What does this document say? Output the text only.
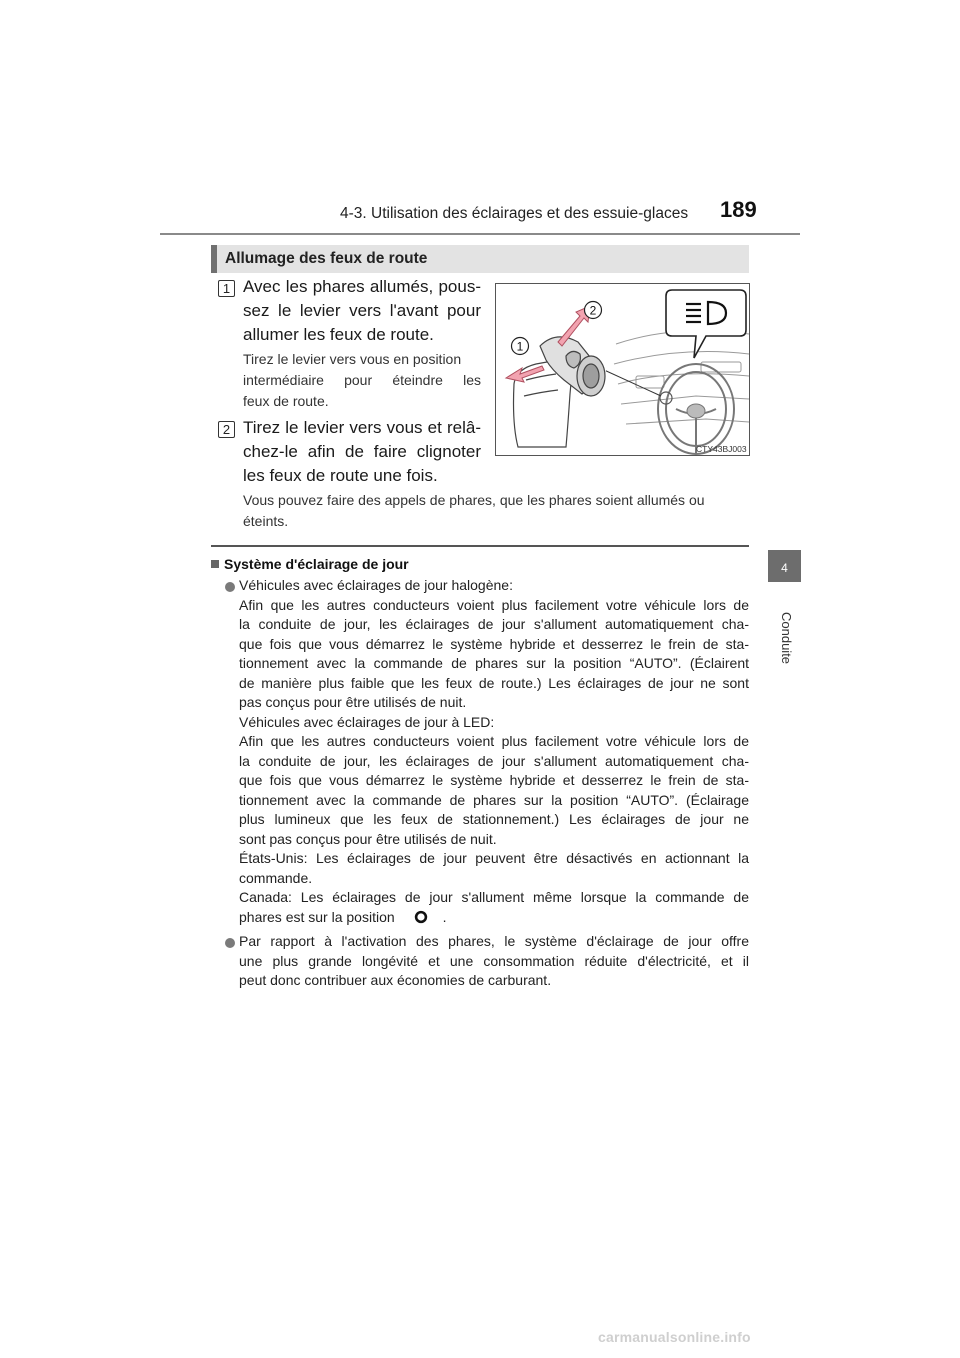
4-3. Utilisation des éclairages et des essuie-glaces 189
4
Conduite
Allumage des feux de route
1 Avec les phares allumés, pous-
sez le levier vers l'avant pour
allumer les feux de route.
Tirez le levier vers vous en position
intermédiaire pour éteindre les
feux de route.
2 Tirez le levier vers vous et relâ-
chez-le afin de faire clignoter
les feux de route une fois.
Vous pouvez faire des appels de phares, que les phares soient allumés ou
éteints.
2
1
CTY43BJ003
Système d'éclairage de jour
Véhicules avec éclairages de jour halogène:
Afin que les autres conducteurs voient plus facilement votre véhicule lors de
la conduite de jour, les éclairages de jour s'allument automatiquement cha-
que fois que vous démarrez le système hybride et desserrez le frein de sta-
tionnement avec la commande de phares sur la position “AUTO”. (Éclairent
de manière plus faible que les feux de route.) Les éclairages de jour ne sont
pas conçus pour être utilisés de nuit.
Véhicules avec éclairages de jour à LED:
Afin que les autres conducteurs voient plus facilement votre véhicule lors de
la conduite de jour, les éclairages de jour s'allument automatiquement cha-
que fois que vous démarrez le système hybride et desserrez le frein de sta-
tionnement avec la commande de phares sur la position “AUTO”. (Éclairage
plus lumineux que les feux de stationnement.) Les éclairages de jour ne
sont pas conçus pour être utilisés de nuit.
États-Unis: Les éclairages de jour peuvent être désactivés en actionnant la
commande.
Canada: Les éclairages de jour s'allument même lorsque la commande de
phares est sur la position	.
Par rapport à l'activation des phares, le système d'éclairage de jour offre
une plus grande longévité et une consommation réduite d'électricité, et il
peut donc contribuer aux économies de carburant.
carmanualsonline.info
